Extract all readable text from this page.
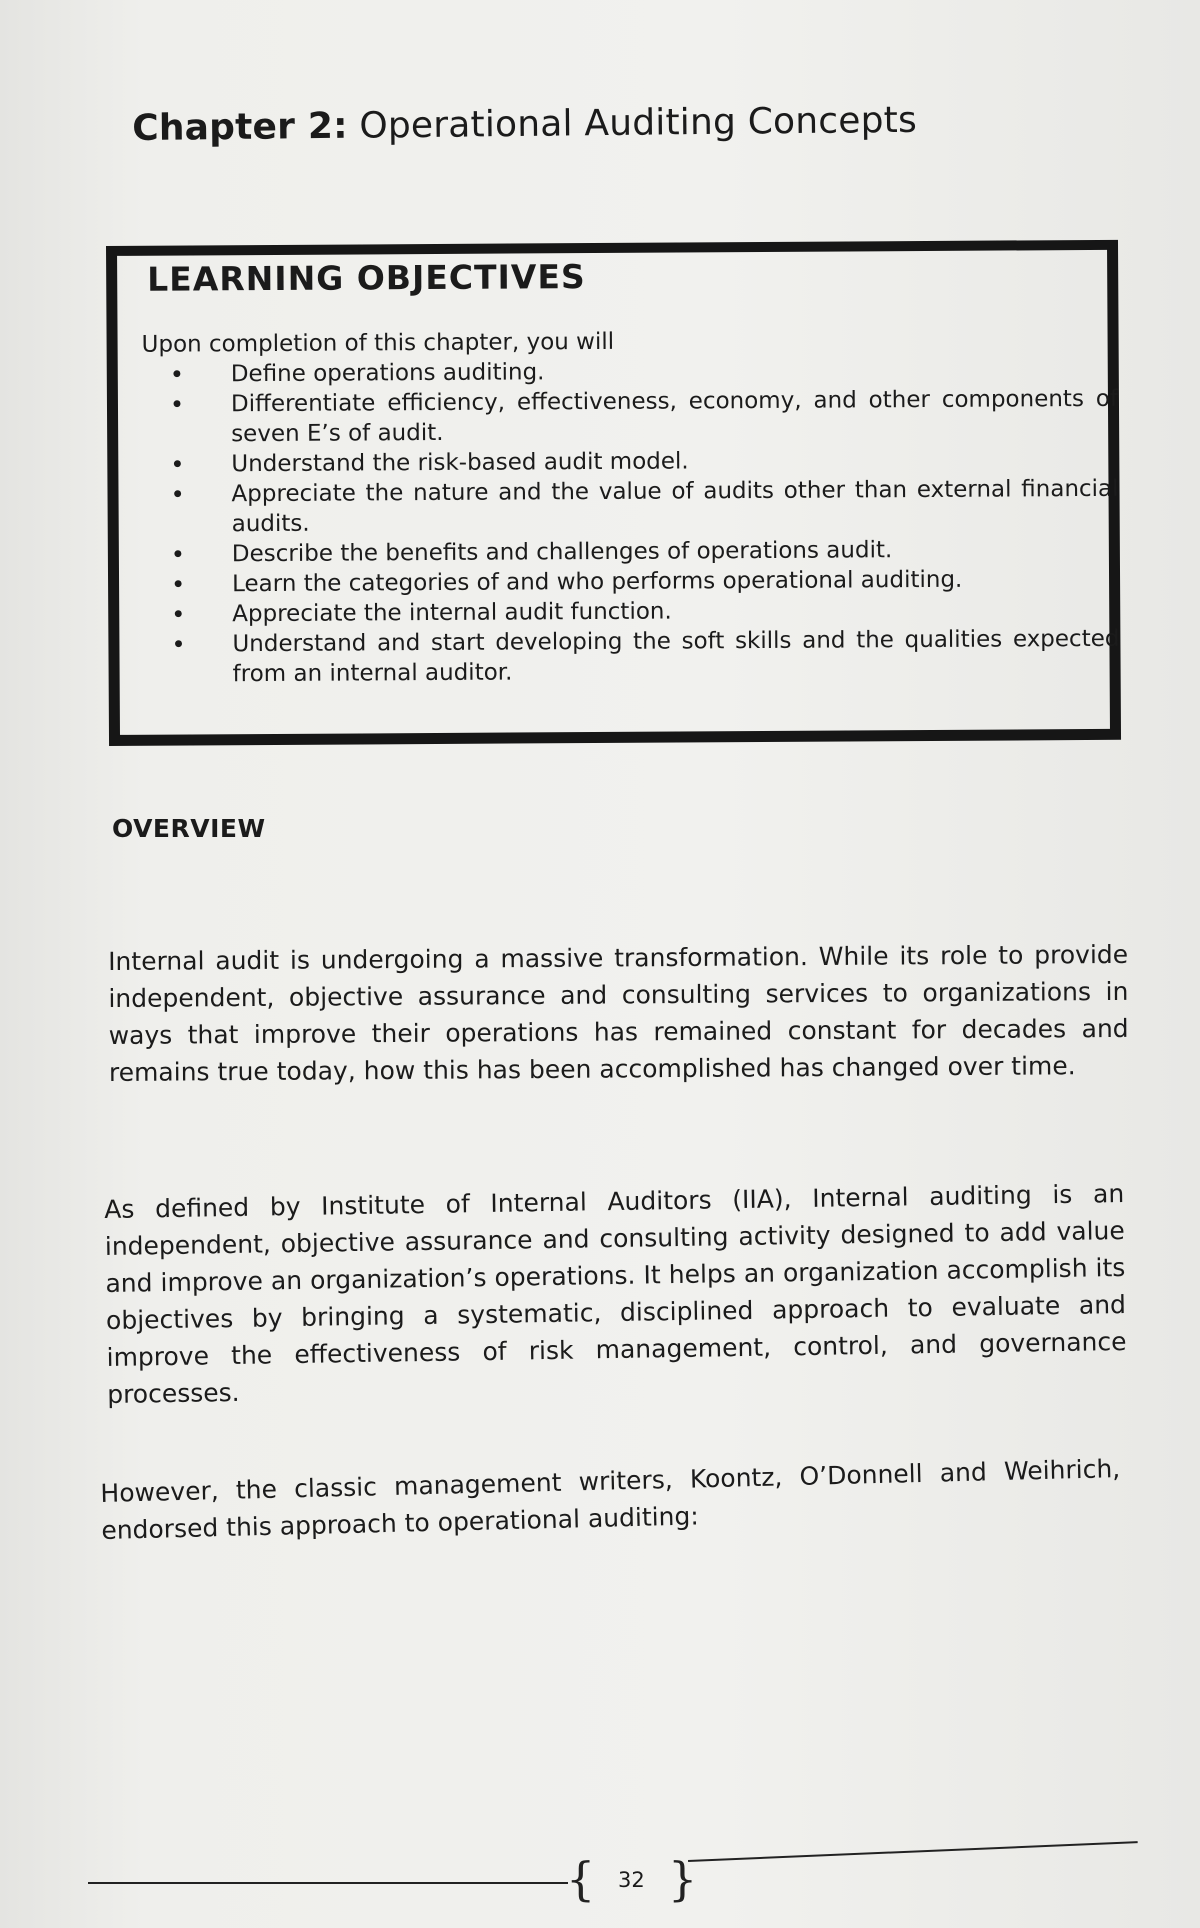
Chapter 2: Operational Auditing Concepts
LEARNING OBJECTIVES
Upon completion of this chapter, you will
• Define operations auditing.
• Differentiate efficiency, effectiveness, economy, and other components of seven E’s of audit.
• Understand the risk-based audit model.
• Appreciate the nature and the value of audits other than external financial audits.
• Describe the benefits and challenges of operations audit.
• Learn the categories of and who performs operational auditing.
• Appreciate the internal audit function.
• Understand and start developing the soft skills and the qualities expected from an internal auditor.
OVERVIEW

Internal audit is undergoing a massive transformation. While its role to provide independent, objective assurance and consulting services to organizations in ways that improve their operations has remained constant for decades and remains true today, how this has been accomplished has changed over time.

As defined by Institute of Internal Auditors (IIA), Internal auditing is an independent, objective assurance and consulting activity designed to add value and improve an organization’s operations. It helps an organization accomplish its objectives by bringing a systematic, disciplined approach to evaluate and improve the effectiveness of risk management, control, and governance processes.

However, the classic management writers, Koontz, O’Donnell and Weihrich, endorsed this approach to operational auditing:

{ 32 }
